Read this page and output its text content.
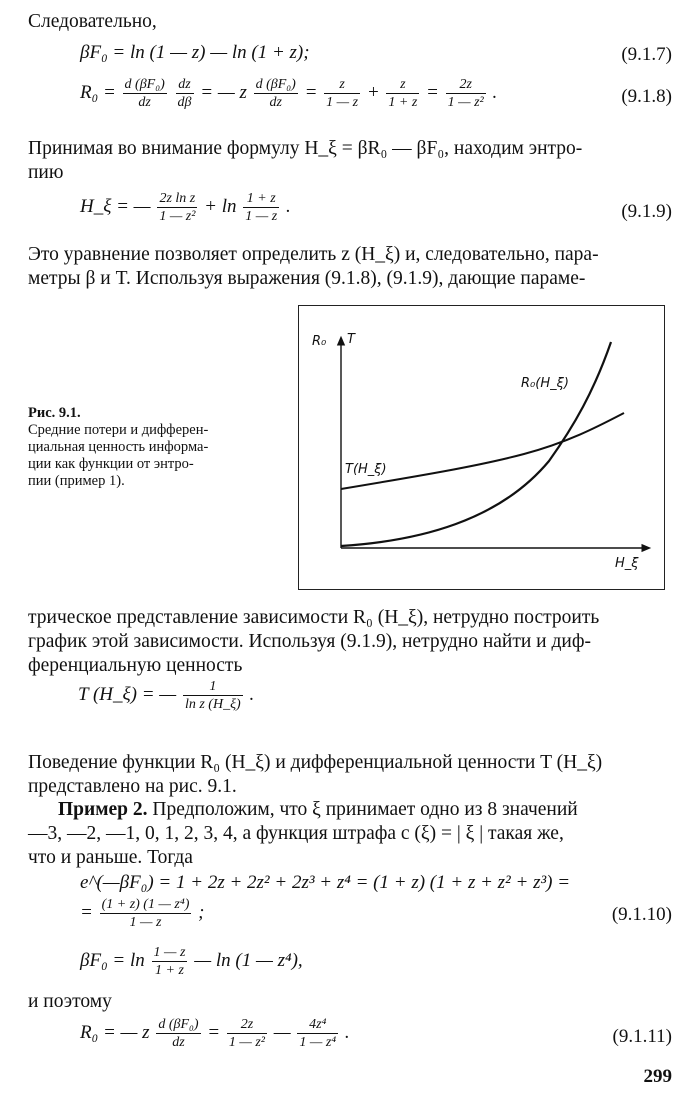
Следовательно,
βF₀ = ln (1 — z) — ln (1 + z);	(9.1.7)
$R_0 = \frac{\text{d (βF₀)}}{dz}$
$\frac{dz}{d\beta}$ = — z $\frac{\text{d (βF₀)}}{dz} = \frac{z}{1 — z} + \frac{z}{1 + z} = \frac{2z}{\text{1 — z²}}$ .	(9.1.8)
Принимая во внимание формулу H_ξ = βR₀ — βF₀, находим энтро-
пию
H_ξ = — $\frac{\text{2z ln z}}{\text{1 — z²}} + \ln \frac{1 + z}{1 — z}$ .	(9.1.9)
Это уравнение позволяет определить z (H_ξ) и, следовательно, пара-
метры β и T. Используя выражения (9.1.8), (9.1.9), дающие параме-
Рис. 9.1.
Средние потери и дифферен-
циальная ценность информа-
ции как функции от энтро-
пии (пример 1).
R₀ T
H_ξ
R₀(H_ξ)
T(H_ξ)
трическое представление зависимости R₀ (H_ξ), нетрудно построить
график этой зависимости. Используя (9.1.9), нетрудно найти и диф-
ференциальную ценность
T (H_ξ) = — $\frac{1}{\text{ln z (H\_ξ)}}$ .
Поведение функции R₀ (H_ξ) и дифференциальной ценности T (H_ξ)
представлено на рис. 9.1.
Пример 2. Предположим, что ξ принимает одно из 8 значений
—3, —2, —1, 0, 1, 2, 3, 4, а функция штрафа c (ξ) = | ξ | такая же,
что и раньше. Тогда
e^(—βF₀) = 1 + 2z + 2z² + 2z³ + z⁴ = (1 + z) (1 + z + z² + z³) =
= $\frac{\text{(1 + z) (1 — z⁴)}}{1 — z}$ ;	(9.1.10)
$\beta F_0 = \ln \frac{1 — z}{1 + z}$ — ln (1 — z⁴),
и поэтому
R₀ = — z $\frac{\text{d (βF₀)}}{dz} = \frac{2z}{\text{1 — z²}}$ — $\frac{\text{4z⁴}}{\text{1 — z⁴}}$ .	(9.1.11)
299
